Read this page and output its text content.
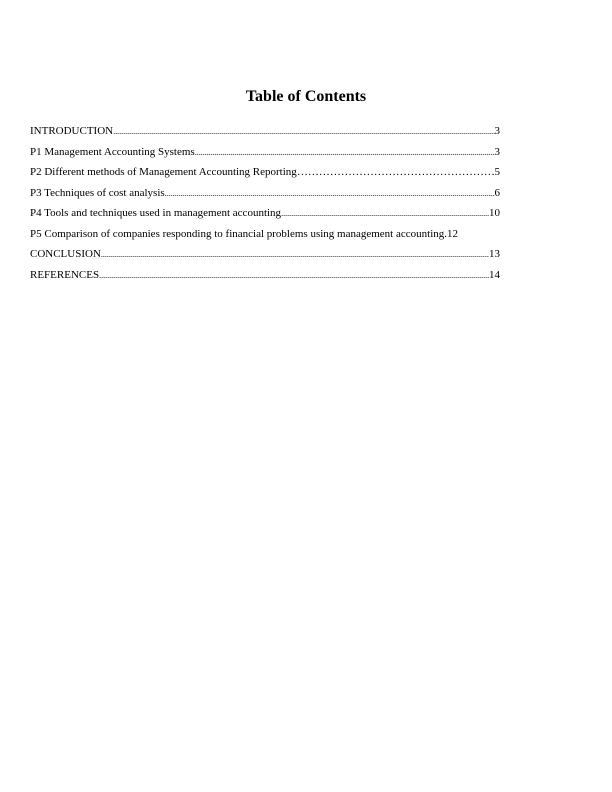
Table of Contents
INTRODUCTION .....	3
P1 Management Accounting Systems .....	3
P2 Different methods of Management Accounting Reporting ……………………………………………………………………………………………………………	5
P3 Techniques of cost analysis .....	6
P4 Tools and techniques used in management accounting .....	10
P5 Comparison of companies responding to financial problems using management accounting. 12
CONCLUSION .....	13
REFERENCES .....	14
